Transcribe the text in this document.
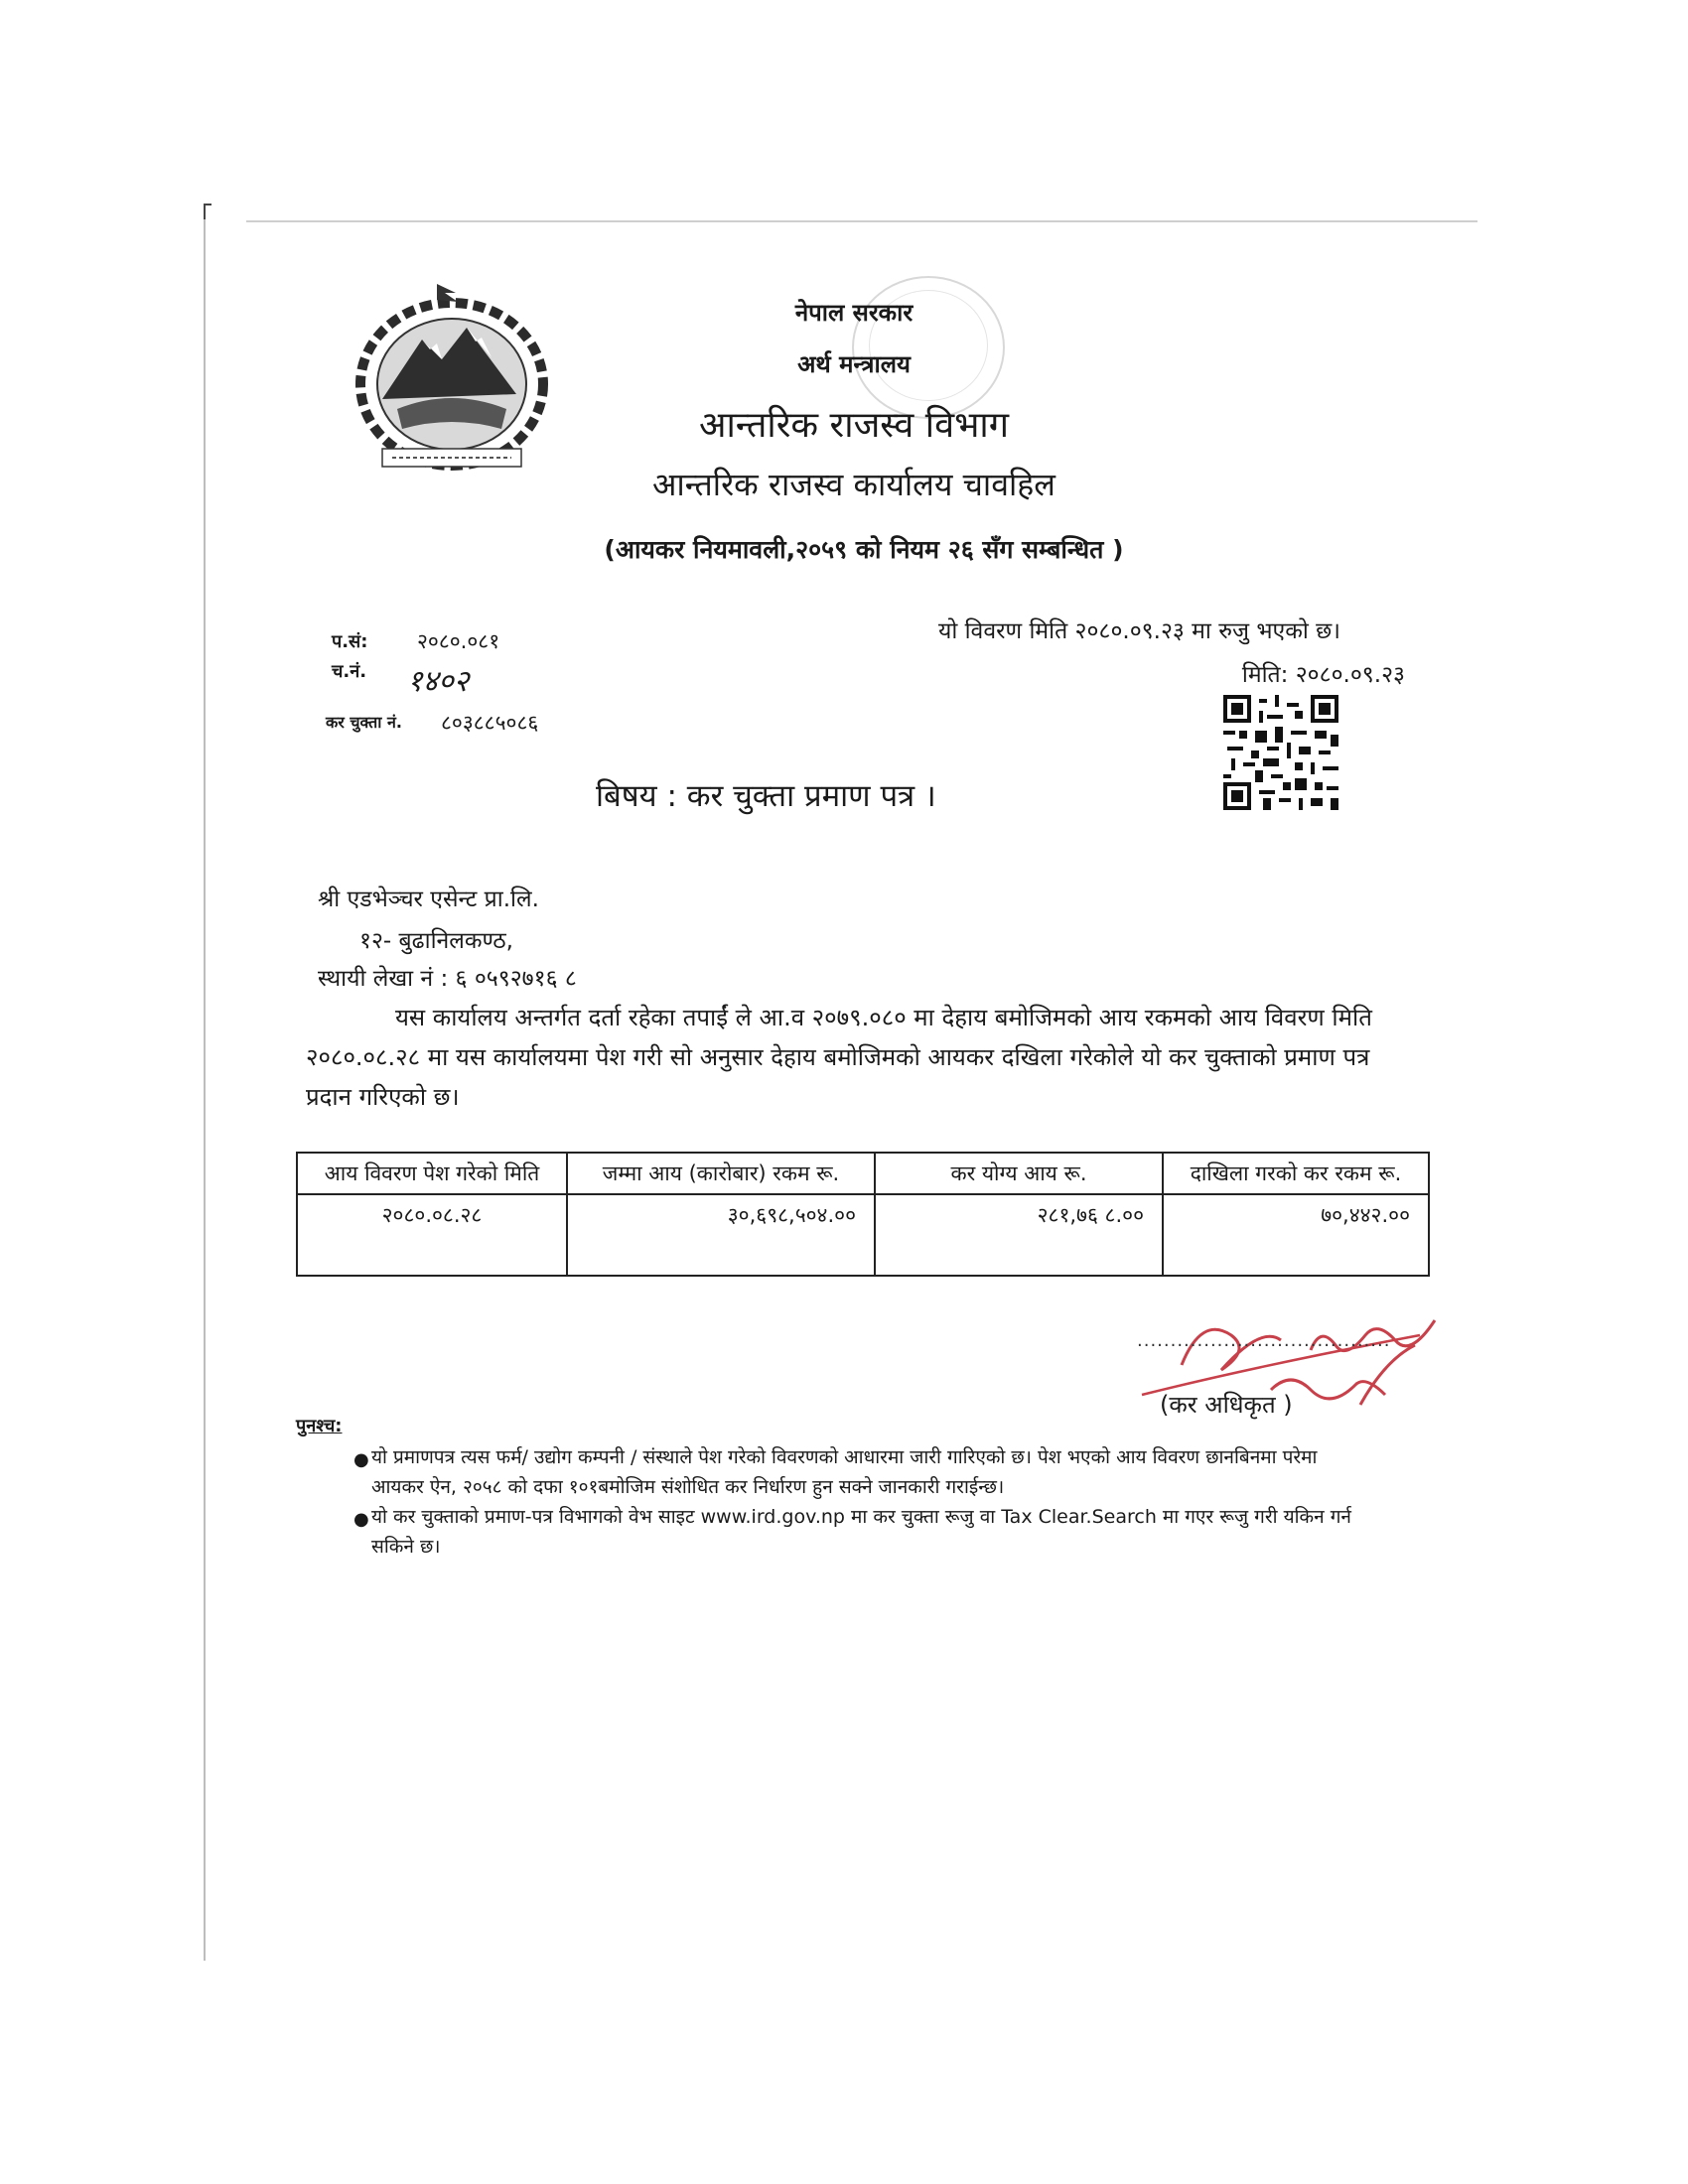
नेपाल सरकार
अर्थ मन्त्रालय
आन्तरिक राजस्व विभाग
आन्तरिक राजस्व कार्यालय चावहिल
(आयकर नियमावली,२०५९ को नियम २६ सँग सम्बन्धित )
प.सं: २०८०.०८१
च.नं. १४०२
कर चुक्ता नं. ८०३८८५०८६
यो विवरण मिति २०८०.०९.२३ मा रुजु भएको छ।
मिति: २०८०.०९.२३
बिषय : कर चुक्ता प्रमाण पत्र ।
श्री एडभेञ्चर एसेन्ट प्रा.लि.
१२- बुढानिलकण्ठ,
स्थायी लेखा नं : ६ ०५९२७१६ ८
यस कार्यालय अन्तर्गत दर्ता रहेका तपाईं ले आ.व २०७९.०८० मा देहाय बमोजिमको आय रकमको आय विवरण मिति २०८०.०८.२८ मा यस कार्यालयमा पेश गरी सो अनुसार देहाय बमोजिमको आयकर दखिला गरेकोले यो कर चुक्ताको प्रमाण पत्र प्रदान गरिएको छ।
आय विवरण पेश गरेको मिति	जम्मा आय (कारोबार) रकम रू.	कर योग्य आय रू.	दाखिला गरको कर रकम रू.
२०८०.०८.२८	३०,६९८,५०४.००	२८१,७६ ८.००	७०,४४२.००
......................................
(कर अधिकृत )
पुनश्च:
● यो प्रमाणपत्र त्यस फर्म/ उद्योग कम्पनी / संस्थाले पेश गरेको विवरणको आधारमा जारी गारिएको छ। पेश भएको आय विवरण छानबिनमा परेमा आयकर ऐन, २०५८ को दफा १०१बमोजिम संशोधित कर निर्धारण हुन सक्ने जानकारी गराईन्छ।
● यो कर चुक्ताको प्रमाण-पत्र विभागको वेभ साइट www.ird.gov.np मा कर चुक्ता रूजु वा Tax Clear.Search मा गएर रूजु गरी यकिन गर्न सकिने छ।
